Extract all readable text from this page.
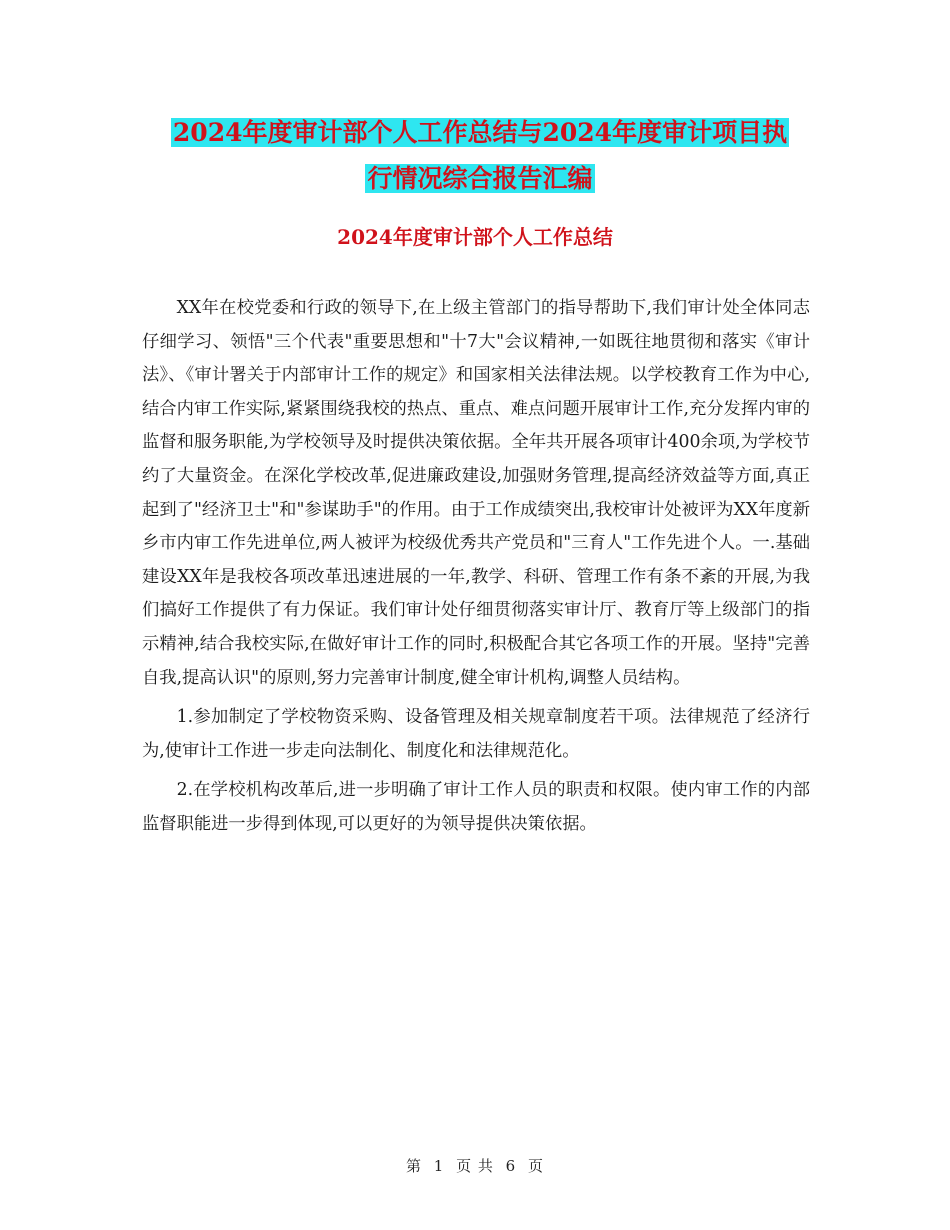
2024年度审计部个人工作总结与2024年度审计项目执
行情况综合报告汇编
2024年度审计部个人工作总结

XX年在校党委和行政的领导下,在上级主管部门的指导帮助下,我们审计处全体同志仔细学习、领悟"三个代表"重要思想和"十7大"会议精神,一如既往地贯彻和落实《审计法》、《审计署关于内部审计工作的规定》和国家相关法律法规。以学校教育工作为中心,结合内审工作实际,紧紧围绕我校的热点、重点、难点问题开展审计工作,充分发挥内审的监督和服务职能,为学校领导及时提供决策依据。全年共开展各项审计400余项,为学校节约了大量资金。在深化学校改革,促进廉政建设,加强财务管理,提高经济效益等方面,真正起到了"经济卫士"和"参谋助手"的作用。由于工作成绩突出,我校审计处被评为XX年度新乡市内审工作先进单位,两人被评为校级优秀共产党员和"三育人"工作先进个人。一.基础建设XX年是我校各项改革迅速进展的一年,教学、科研、管理工作有条不紊的开展,为我们搞好工作提供了有力保证。我们审计处仔细贯彻落实审计厅、教育厅等上级部门的指示精神,结合我校实际,在做好审计工作的同时,积极配合其它各项工作的开展。坚持"完善自我,提高认识"的原则,努力完善审计制度,健全审计机构,调整人员结构。

1.参加制定了学校物资采购、设备管理及相关规章制度若干项。法律规范了经济行为,使审计工作进一步走向法制化、制度化和法律规范化。

2.在学校机构改革后,进一步明确了审计工作人员的职责和权限。使内审工作的内部监督职能进一步得到体现,可以更好的为领导提供决策依据。

第 1 页 共 6 页
